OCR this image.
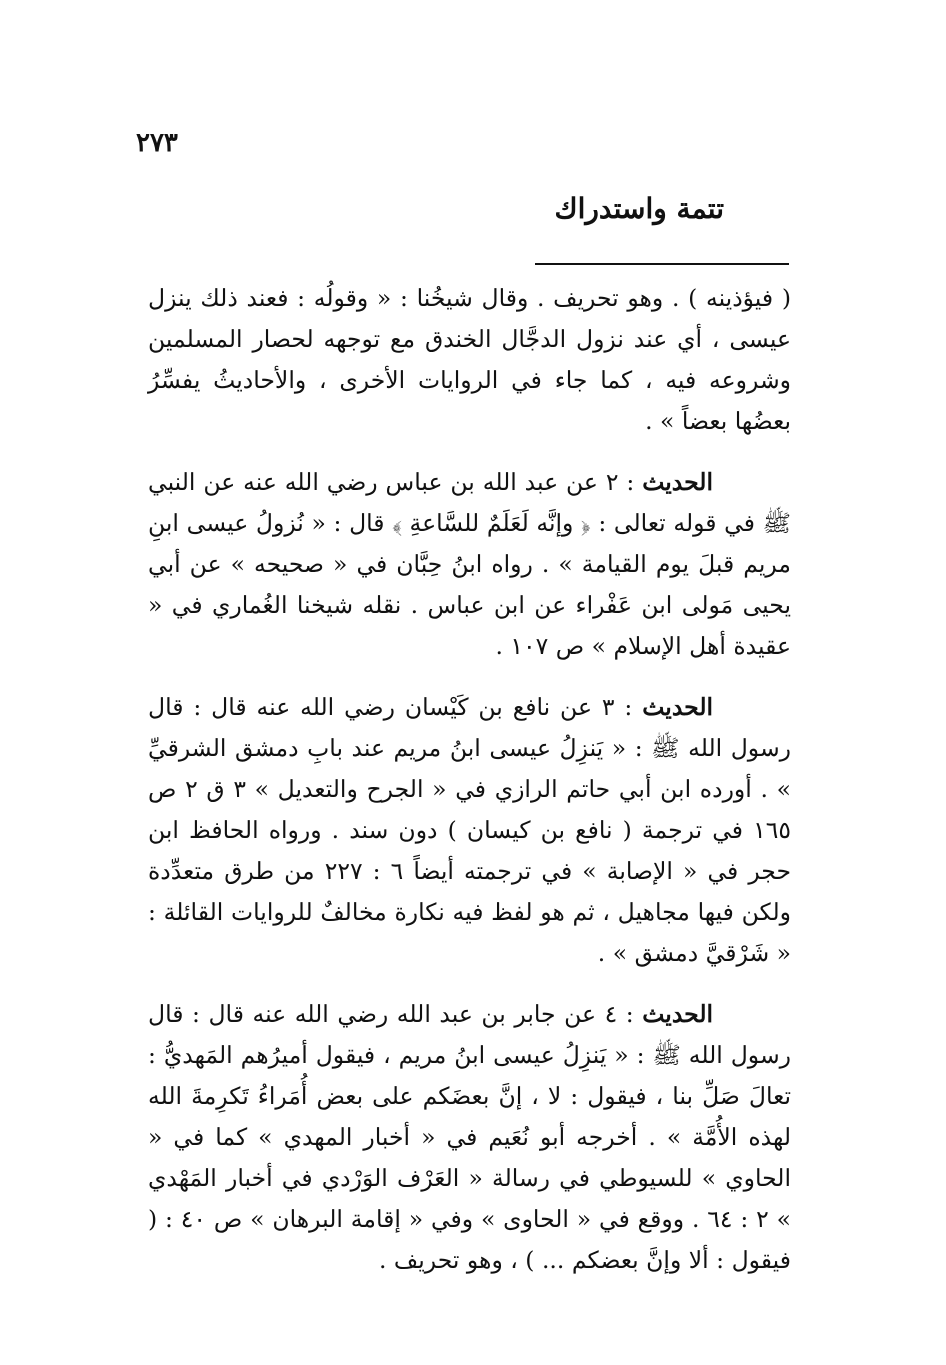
٢٧٣
تتمة واستدراك

( فيؤذينه ) . وهو تحريف . وقال شيخُنا : « وقولُه : فعند ذلك ينزل عيسى ، أي عند نزول الدجَّال الخندق مع توجهه لحصار المسلمين وشروعه فيه ، كما جاء في الروايات الأخرى ، والأحاديثُ يفسِّرُ بعضُها بعضاً » .

الحديث : ٢ عن عبد الله بن عباس رضي الله عنه عن النبي ﷺ في قوله تعالى : ﴿ وإنَّه لَعَلَمٌ للسَّاعةِ ﴾ قال : « نُزولُ عيسى ابنِ مريم قبلَ يوم القيامة » . رواه ابنُ حِبَّان في « صحيحه » عن أبي يحيى مَولى ابن عَفْراء عن ابن عباس . نقله شيخنا الغُماري في « عقيدة أهل الإسلام » ص ١٠٧ .

الحديث : ٣ عن نافع بن كَيْسان رضي الله عنه قال : قال رسول الله ﷺ : « يَنزِلُ عيسى ابنُ مريم عند بابِ دمشق الشرقيِّ » . أورده ابن أبي حاتم الرازي في « الجرح والتعديل » ٣ ق ٢ ص ١٦٥ في ترجمة ( نافع بن كيسان ) دون سند . ورواه الحافظ ابن حجر في « الإصابة » في ترجمته أيضاً ٦ : ٢٢٧ من طرق متعدِّدة ولكن فيها مجاهيل ، ثم هو لفظ فيه نكارة مخالفٌ للروايات القائلة : « شَرْقيَّ دمشق » .

الحديث : ٤ عن جابر بن عبد الله رضي الله عنه قال : قال رسول الله ﷺ : « يَنزِلُ عيسى ابنُ مريم ، فيقول أميرُهم المَهديُّ : تعالَ صَلِّ بنا ، فيقول : لا ، إنَّ بعضَكم على بعض أُمَراءُ تَكرِمةَ الله لهذه الأُمَّة » . أخرجه أبو نُعَيم في « أخبار المهدي » كما في « الحاوي » للسيوطي في رسالة « العَرْف الوَرْدي في أخبار المَهْدي » ٢ : ٦٤ . ووقع في « الحاوى » وفي « إقامة البرهان » ص ٤٠ : ( فيقول : ألا وإنَّ بعضكم ... ) ، وهو تحريف .
